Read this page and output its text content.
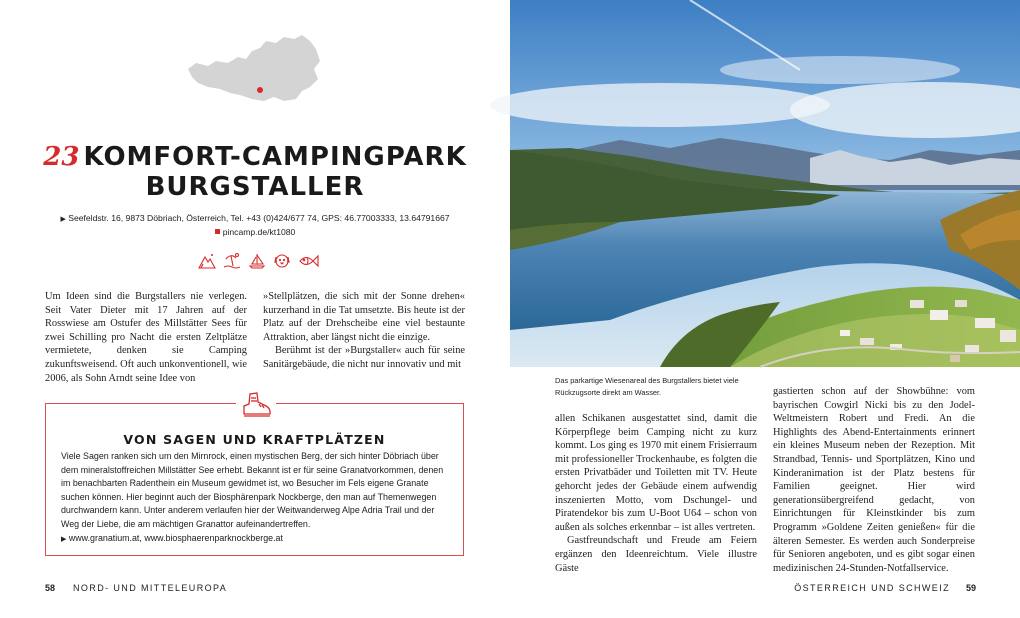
23 KOMFORT-CAMPINGPARK
BURGSTALLER
▶ Seefeldstr. 16, 9873 Döbriach, Österreich, Tel. +43 (0)424/677 74, GPS: 46.77003333, 13.64791667
pincamp.de/kt1080

Um Ideen sind die Burgstallers nie verlegen. Seit Vater Dieter mit 17 Jahren auf der Rosswiese am Ostufer des Millstätter Sees für zwei Schilling pro Nacht die ersten Zeltplätze vermietete, denken sie Camping zukunftsweisend. Oft auch unkonventionell, wie 2006, als Sohn Arndt seine Idee von

»Stellplätzen, die sich mit der Sonne drehen« kurzerhand in die Tat umsetzte. Bis heute ist der Platz auf der Drehscheibe eine viel bestaunte Attraktion, aber längst nicht die einzige.

Berühmt ist der »Burgstaller« auch für seine Sanitärgebäude, die nicht nur innovativ und mit

VON SAGEN UND KRAFTPLÄTZEN
Viele Sagen ranken sich um den Mirnrock, einen mystischen Berg, der sich hinter Döbriach über dem mineralstoffreichen Millstätter See erhebt. Bekannt ist er für seine Granatvorkommen, denen im benachbarten Radenthein ein Museum gewidmet ist, wo Besucher im Fels eigene Granate suchen können. Hier beginnt auch der Biosphärenpark Nockberge, den man auf Themenwegen durchwandern kann. Unter anderem verlaufen hier der Weitwanderweg Alpe Adria Trail und der Weg der Liebe, die am mächtigen Granattor aufeinandertreffen.
▶ www.granatium.at, www.biosphaerenparknockberge.at
58 NORD- UND MITTELEUROPA
Das parkartige Wiesenareal des Burgstallers bietet viele Rückzugsorte direkt am Wasser.

allen Schikanen ausgestattet sind, damit die Körperpflege beim Camping nicht zu kurz kommt. Los ging es 1970 mit einem Frisierraum mit professioneller Trockenhaube, es folgten die ersten Privatbäder und Toiletten mit TV. Heute gehorcht jedes der Gebäude einem aufwendig inszenierten Motto, vom Dschungel- und Piratendekor bis zum U-Boot U64 – schon von außen als solches erkennbar – ist alles vertreten.

Gastfreundschaft und Freude am Feiern ergänzen den Ideenreichtum. Viele illustre Gäste

gastierten schon auf der Showbühne: vom bayrischen Cowgirl Nicki bis zu den Jodel-Weltmeistern Robert und Fredi. An die Highlights des Abend-Entertainments erinnert ein kleines Museum neben der Rezeption. Mit Strandbad, Tennis- und Sportplätzen, Kino und Kinderanimation ist der Platz bestens für Familien geeignet. Hier wird generationsübergreifend gedacht, von Einrichtungen für Kleinstkinder bis zum Programm »Goldene Zeiten genießen« für die älteren Semester. Es werden auch Sonderpreise für Senioren angeboten, und es gibt sogar einen medizinischen 24-Stunden-Notfallservice.

ÖSTERREICH UND SCHWEIZ	59
